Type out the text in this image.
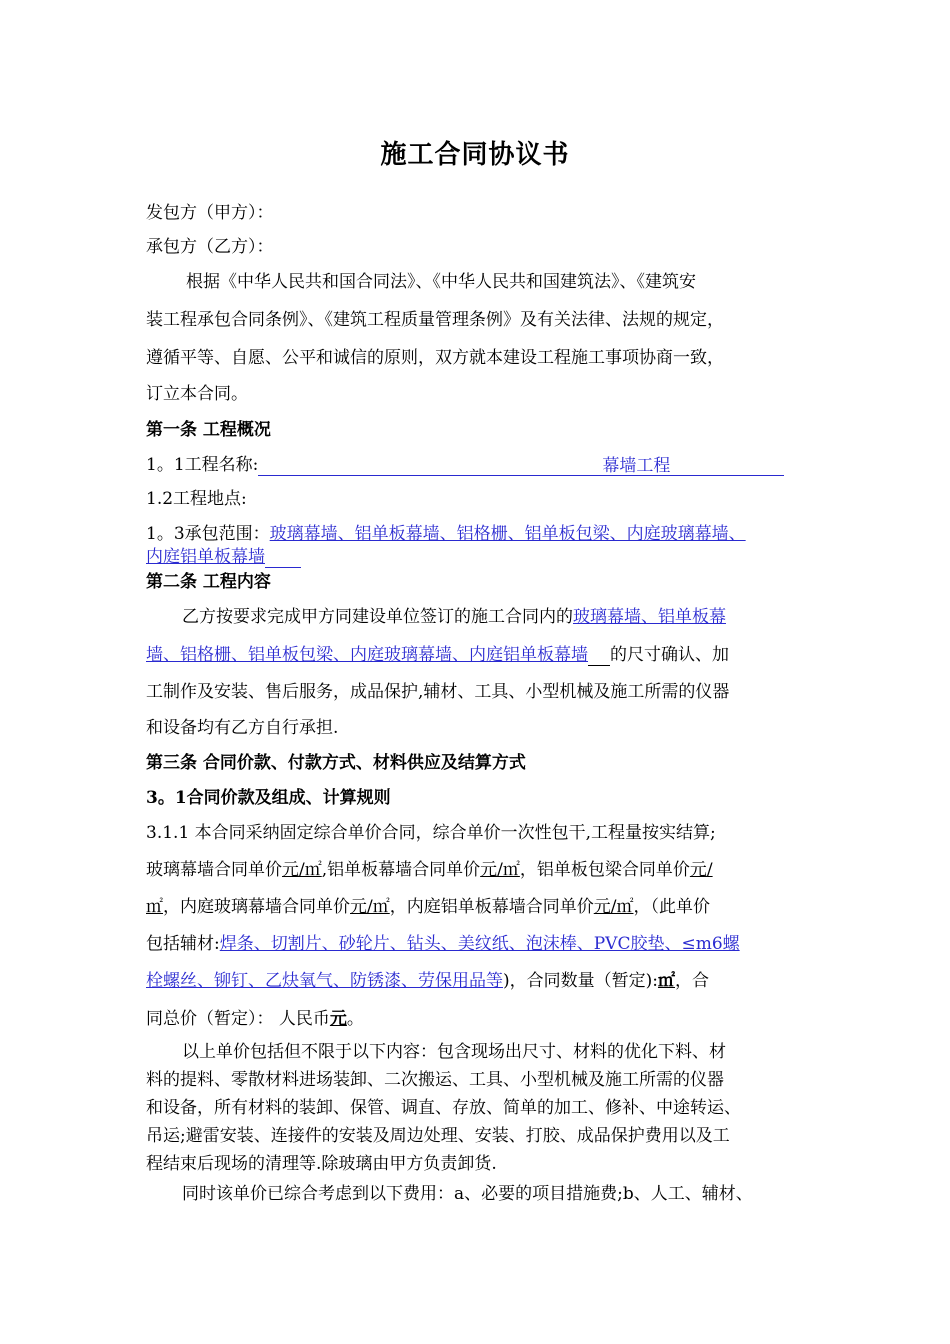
施工合同协议书
发包方（甲方）：
承包方（乙方）：
根据《中华人民共和国合同法》、《中华人民共和国建筑法》、《建筑安
装工程承包合同条例》、《建筑工程质量管理条例》及有关法律、法规的规定，
遵循平等、自愿、公平和诚信的原则，双方就本建设工程施工事项协商一致，
订立本合同。
第一条 工程概况
1。1工程名称:	幕墙工程
1.2工程地点:
1。3承包范围：玻璃幕墙、铝单板幕墙、铝格栅、铝单板包梁、内庭玻璃幕墙、
内庭铝单板幕墙
第二条 工程内容
乙方按要求完成甲方同建设单位签订的施工合同内的玻璃幕墙、铝单板幕
墙、铝格栅、铝单板包梁、内庭玻璃幕墙、内庭铝单板幕墙 的尺寸确认、加
工制作及安装、售后服务，成品保护,辅材、工具、小型机械及施工所需的仪器
和设备均有乙方自行承担.
第三条 合同价款、付款方式、材料供应及结算方式
3。1合同价款及组成、计算规则
3.1.1 本合同采纳固定综合单价合同，综合单价一次性包干,工程量按实结算;
玻璃幕墙合同单价元/㎡,铝单板幕墙合同单价元/㎡，铝单板包梁合同单价元/
㎡，内庭玻璃幕墙合同单价元/㎡，内庭铝单板幕墙合同单价元/㎡，（此单价
包括辅材:焊条、切割片、砂轮片、钻头、美纹纸、泡沫棒、PVC胶垫、≤m6螺
栓螺丝、铆钉、乙炔氧气、防锈漆、劳保用品等)，合同数量（暂定):㎡，合
同总价（暂定）： 人民币元。
以上单价包括但不限于以下内容：包含现场出尺寸、材料的优化下料、材
料的提料、零散材料进场装卸、二次搬运、工具、小型机械及施工所需的仪器
和设备，所有材料的装卸、保管、调直、存放、简单的加工、修补、中途转运、
吊运;避雷安装、连接件的安装及周边处理、安装、打胶、成品保护费用以及工
程结束后现场的清理等.除玻璃由甲方负责卸货.
同时该单价已综合考虑到以下费用：a、必要的项目措施费;b、人工、辅材、
